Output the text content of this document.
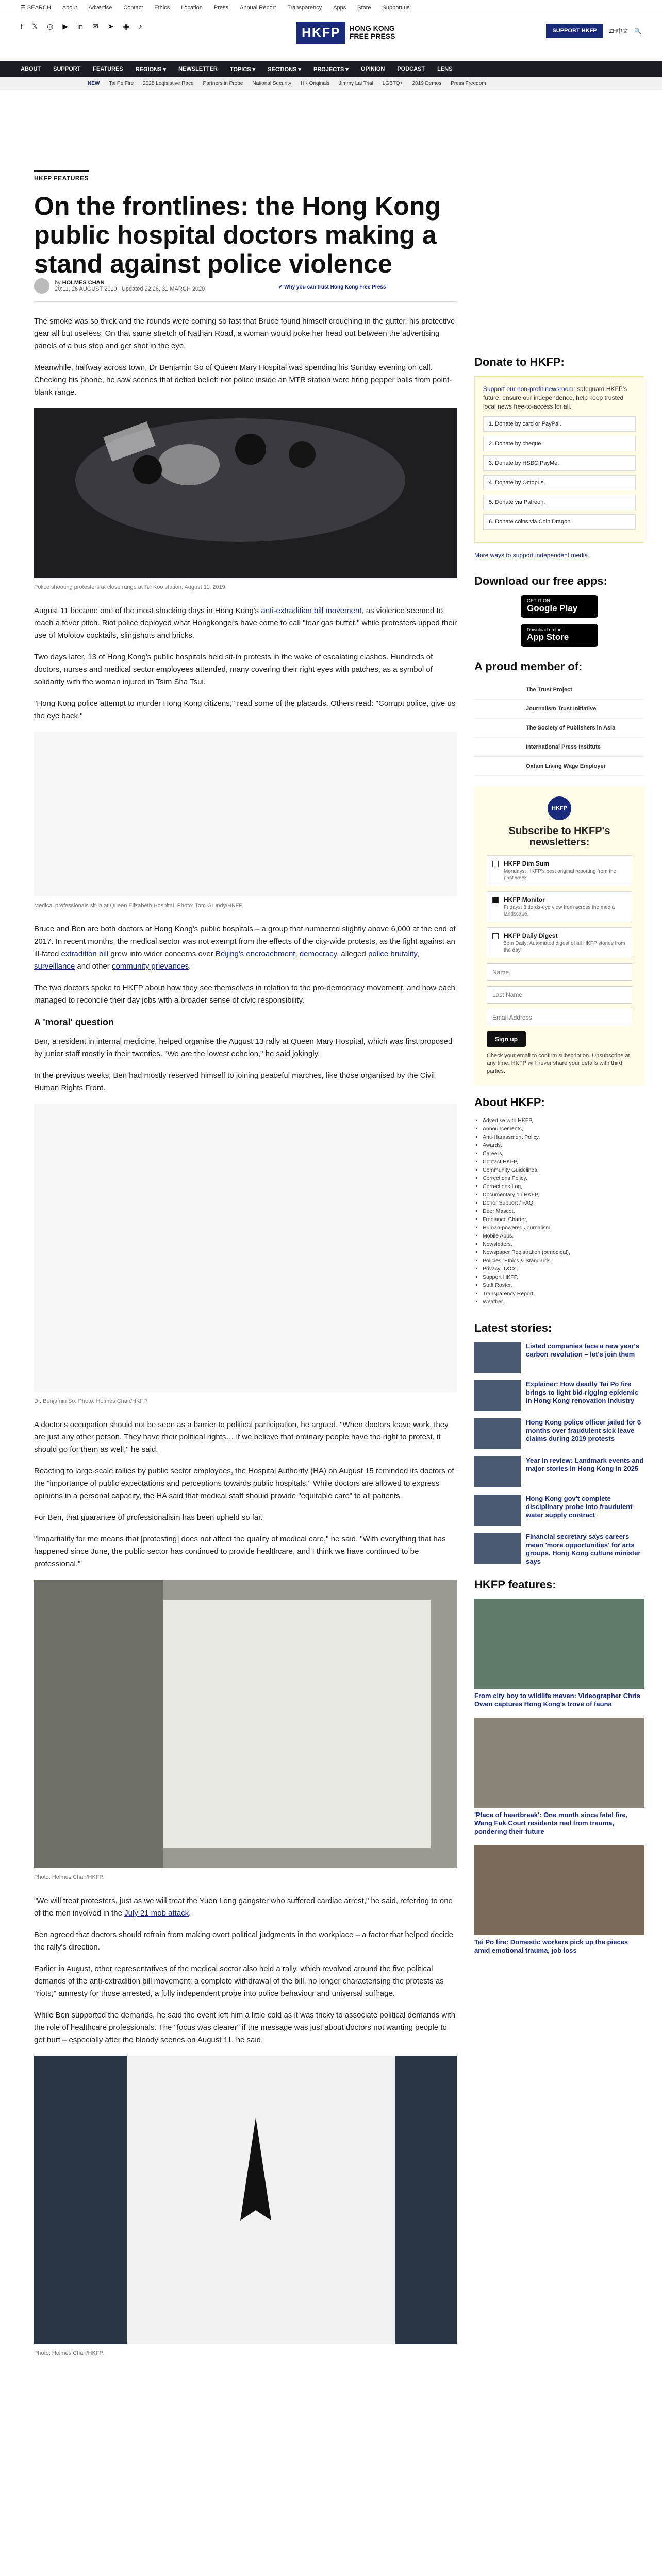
☰ SEARCH About Advertise Contact Ethics Location Press Annual Report Transparency Apps Store Support us
f 𝕏 ◎ ▶ in ✉ ➤ ◉ ♪	HKFP	HONG KONG
FREE PRESS
SUPPORT HKFP	ZH中文 🔍
ABOUT SUPPORT FEATURES REGIONS ▾ NEWSLETTER TOPICS ▾ SECTIONS ▾ PROJECTS ▾ OPINION PODCAST LENS
NEW Tai Po Fire 2025 Legislative Race Partners in Probe National Security HK Originals Jimmy Lai Trial LGBTQ+ 2019 Demos Press Freedom
HKFP FEATURES
On the frontlines: the Hong Kong public hospital doctors making a stand against police violence
by HOLMES CHAN
20:11, 26 AUGUST 2019 Updated 22:26, 31 MARCH 2020	✔ Why you can trust Hong Kong Free Press

The smoke was so thick and the rounds were coming so fast that Bruce found himself crouching in the gutter, his protective gear all but useless. On that same stretch of Nathan Road, a woman would poke her head out between the advertising panels of a bus stop and get shot in the eye.

Meanwhile, halfway across town, Dr Benjamin So of Queen Mary Hospital was spending his Sunday evening on call. Checking his phone, he saw scenes that defied belief: riot police inside an MTR station were firing pepper balls from point-blank range.

Police shooting protesters at close range at Tai Koo station, August 11, 2019.

August 11 became one of the most shocking days in Hong Kong's anti-extradition bill movement, as violence seemed to reach a fever pitch. Riot police deployed what Hongkongers have come to call "tear gas buffet," while protesters upped their use of Molotov cocktails, slingshots and bricks.

Two days later, 13 of Hong Kong's public hospitals held sit-in protests in the wake of escalating clashes. Hundreds of doctors, nurses and medical sector employees attended, many covering their right eyes with patches, as a symbol of solidarity with the woman injured in Tsim Sha Tsui.

"Hong Kong police attempt to murder Hong Kong citizens," read some of the placards. Others read: "Corrupt police, give us the eye back."

Medical professionals sit-in at Queen Elizabeth Hospital. Photo: Tom Grundy/HKFP.

Bruce and Ben are both doctors at Hong Kong's public hospitals – a group that numbered slightly above 6,000 at the end of 2017. In recent months, the medical sector was not exempt from the effects of the city-wide protests, as the fight against an ill-fated extradition bill grew into wider concerns over Beijing's encroachment, democracy, alleged police brutality, surveillance and other community grievances.

The two doctors spoke to HKFP about how they see themselves in relation to the pro-democracy movement, and how each managed to reconcile their day jobs with a broader sense of civic responsibility.

A 'moral' question

Ben, a resident in internal medicine, helped organise the August 13 rally at Queen Mary Hospital, which was first proposed by junior staff mostly in their twenties. "We are the lowest echelon," he said jokingly.

In the previous weeks, Ben had mostly reserved himself to joining peaceful marches, like those organised by the Civil Human Rights Front.

Dr. Benjamin So. Photo: Holmes Chan/HKFP.

A doctor's occupation should not be seen as a barrier to political participation, he argued. "When doctors leave work, they are just any other person. They have their political rights… if we believe that ordinary people have the right to protest, it should go for them as well," he said.

Reacting to large-scale rallies by public sector employees, the Hospital Authority (HA) on August 15 reminded its doctors of the "importance of public expectations and perceptions towards public hospitals." While doctors are allowed to express opinions in a personal capacity, the HA said that medical staff should provide "equitable care" to all patients.

For Ben, that guarantee of professionalism has been upheld so far.

"Impartiality for me means that [protesting] does not affect the quality of medical care," he said. "With everything that has happened since June, the public sector has continued to provide healthcare, and I think we have continued to be professional."

Photo: Holmes Chan/HKFP.

"We will treat protesters, just as we will treat the Yuen Long gangster who suffered cardiac arrest," he said, referring to one of the men involved in the July 21 mob attack.

Ben agreed that doctors should refrain from making overt political judgments in the workplace – a factor that helped decide the rally's direction.

Earlier in August, other representatives of the medical sector also held a rally, which revolved around the five political demands of the anti-extradition bill movement: a complete withdrawal of the bill, no longer characterising the protests as "riots," amnesty for those arrested, a fully independent probe into police behaviour and universal suffrage.

While Ben supported the demands, he said the event left him a little cold as it was tricky to associate political demands with the role of healthcare professionals. The "focus was clearer" if the message was just about doctors not wanting people to get hurt – especially after the bloody scenes on August 11, he said.

Photo: Holmes Chan/HKFP.
Donate to HKFP:
Support our non-profit newsroom: safeguard HKFP's future, ensure our independence, help keep trusted local news free-to-access for all.
1. Donate by card or PayPal.
2. Donate by cheque.
3. Donate by HSBC PayMe.
4. Donate by Octopus.
5. Donate via Patreon.
6. Donate coins via Coin Dragon.
More ways to support independent media.
Download our free apps:
GET IT ON
Google Play
Download on the
App Store
A proud member of:
The Trust Project
Journalism Trust Initiative
The Society of Publishers in Asia
International Press Institute
Oxfam Living Wage Employer
HKFP
Subscribe to HKFP's newsletters:
HKFP Dim Sum
Mondays: HKFP's best original reporting from the past week.
HKFP Monitor
Fridays: 8 tlerds-eye view from across the media landscape.
HKFP Daily Digest
5pm Daily: Automated digest of all HKFP stories from the day.
Name
Last Name
Email Address Sign up
Check your email to confirm subscription. Unsubscribe at any time. HKFP will never share your details with third parties.
About HKFP:
• Advertise with HKFP,
• Announcements,
• Anti-Harassment Policy,
• Awards,
• Careers,
• Contact HKFP,
• Community Guidelines,
• Corrections Policy,
• Corrections Log,
• Documentary on HKFP,
• Donor Support / FAQ,
• Deer Mascot,
• Freelance Charter,
• Human-powered Journalism,
• Mobile Apps,
• Newsletters,
• Newspaper Registration (periodical),
• Policies, Ethics & Standards,
• Privacy, T&Cs,
• Support HKFP,
• Staff Roster,
• Transparency Report,
• Weather.
Latest stories:
Listed companies face a new year's carbon revolution – let's join them
Explainer: How deadly Tai Po fire brings to light bid-rigging epidemic in Hong Kong renovation industry
Hong Kong police officer jailed for 6 months over fraudulent sick leave claims during 2019 protests
Year in review: Landmark events and major stories in Hong Kong in 2025
Hong Kong gov't complete disciplinary probe into fraudulent water supply contract
Financial secretary says careers mean 'more opportunities' for arts groups, Hong Kong culture minister says
HKFP features:
From city boy to wildlife maven: Videographer Chris Owen captures Hong Kong's trove of fauna
'Place of heartbreak': One month since fatal fire, Wang Fuk Court residents reel from trauma, pondering their future
Tai Po fire: Domestic workers pick up the pieces amid emotional trauma, job loss
